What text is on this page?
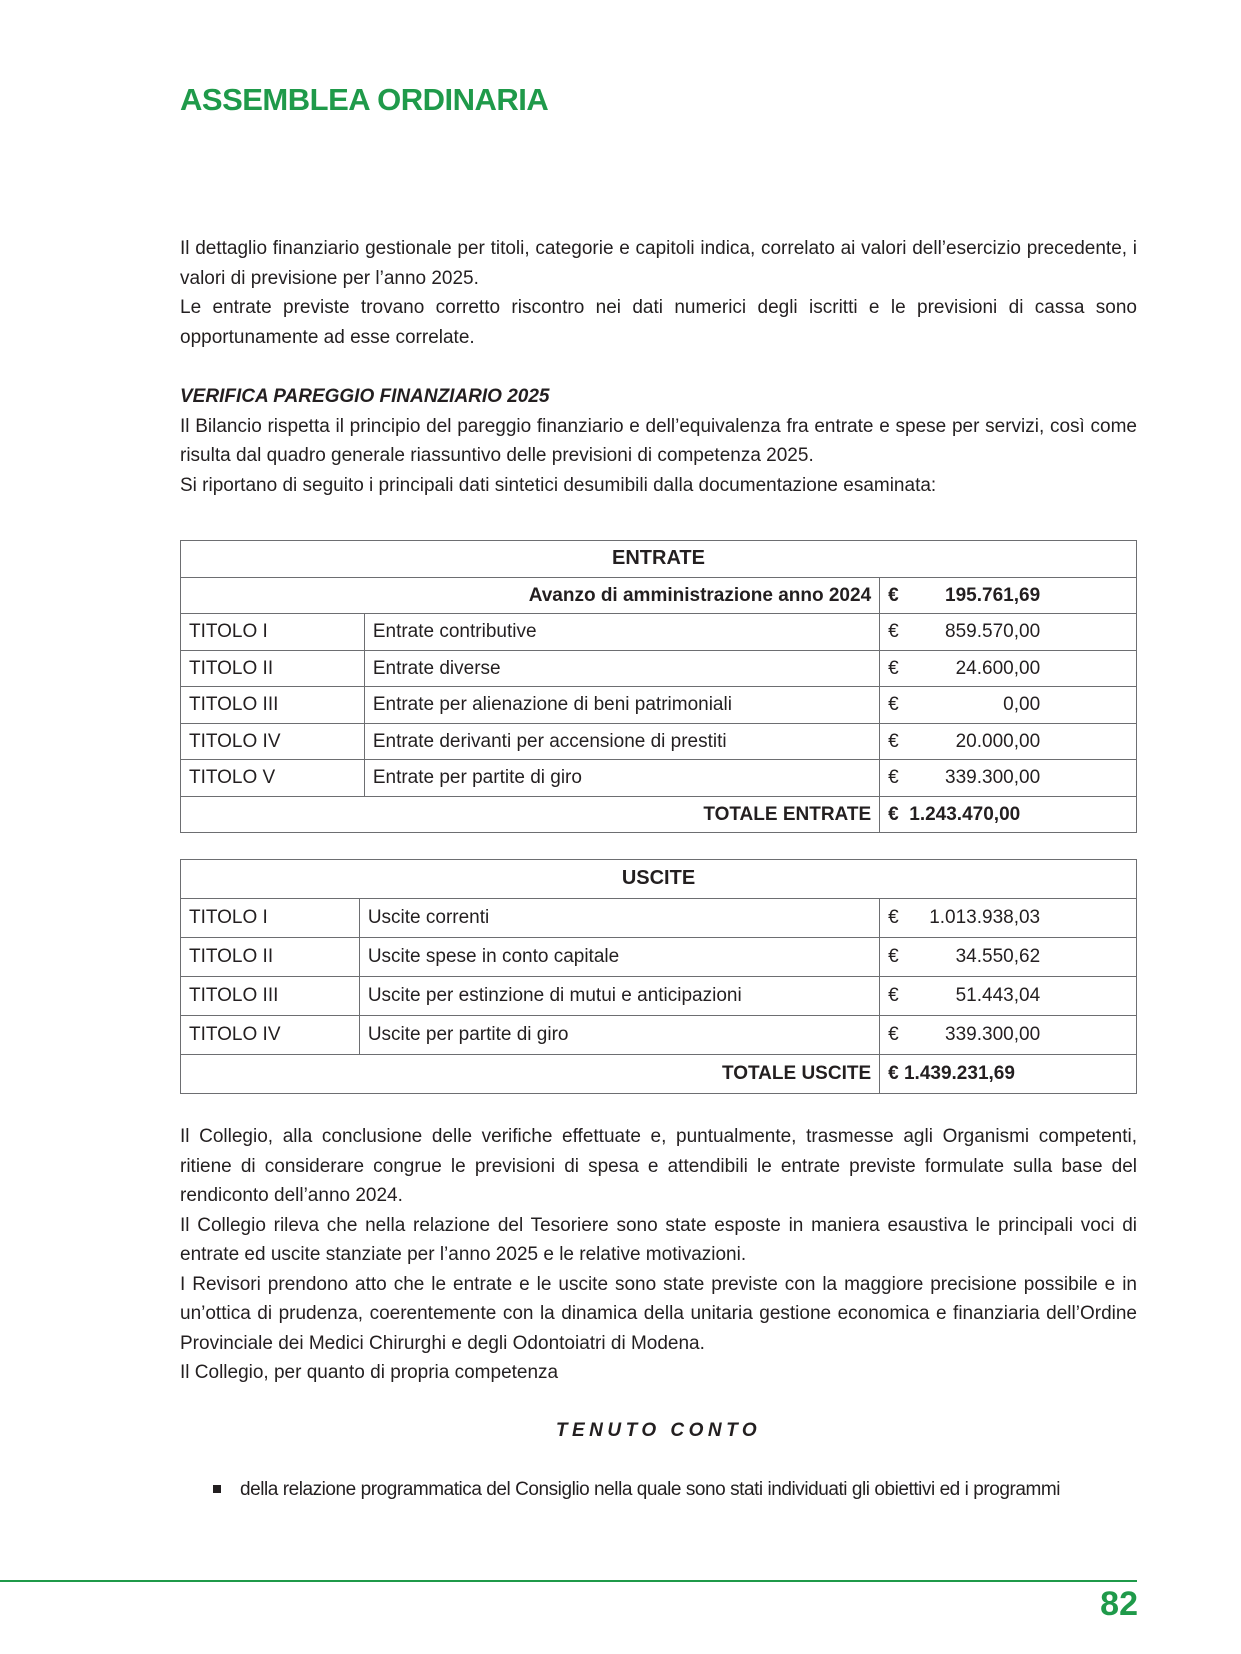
ASSEMBLEA ORDINARIA

Il dettaglio finanziario gestionale per titoli, categorie e capitoli indica, correlato ai valori dell’esercizio precedente, i valori di previsione per l’anno 2025.

Le entrate previste trovano corretto riscontro nei dati numerici degli iscritti e le previsioni di cassa sono opportunamente ad esse correlate.

VERIFICA PAREGGIO FINANZIARIO 2025

Il Bilancio rispetta il principio del pareggio finanziario e dell’equivalenza fra entrate e spese per servizi, così come risulta dal quadro generale riassuntivo delle previsioni di competenza 2025.

Si riportano di seguito i principali dati sintetici desumibili dalla documentazione esaminata:

ENTRATE		
Avanzo di amministrazione anno 2024		€ 195.761,69
TITOLO I	Entrate contributive	€ 859.570,00
TITOLO II	Entrate diverse	€ 24.600,00
TITOLO III	Entrate per alienazione di beni patrimoniali	€ 0,00
TITOLO IV	Entrate derivanti per accensione di prestiti	€ 20.000,00
TITOLO V	Entrate per partite di giro	€ 339.300,00
TOTALE ENTRATE		€  1.243.470,00
USCITE		
TITOLO I	Uscite correnti	€ 1.013.938,03
TITOLO II	Uscite spese in conto capitale	€ 34.550,62
TITOLO III	Uscite per estinzione di mutui e anticipazioni	€ 51.443,04
TITOLO IV	Uscite per partite di giro	€ 339.300,00
TOTALE USCITE		€ 1.439.231,69

Il Collegio, alla conclusione delle verifiche effettuate e, puntualmente, trasmesse agli Organismi competenti, ritiene di considerare congrue le previsioni di spesa e attendibili le entrate previste formulate sulla base del rendiconto dell’anno 2024.

Il Collegio rileva che nella relazione del Tesoriere sono state esposte in maniera esaustiva le principali voci di entrate ed uscite stanziate per l’anno 2025 e le relative motivazioni.

I Revisori prendono atto che le entrate e le uscite sono state previste con la maggiore precisione possibile e in un’ottica di prudenza, coerentemente con la dinamica della unitaria gestione economica e finanziaria dell’Ordine Provinciale dei Medici Chirurghi e degli Odontoiatri di Modena.

Il Collegio, per quanto di propria competenza

TENUTO CONTO
della relazione programmatica del Consiglio nella quale sono stati individuati gli obiettivi ed i programmi
82
